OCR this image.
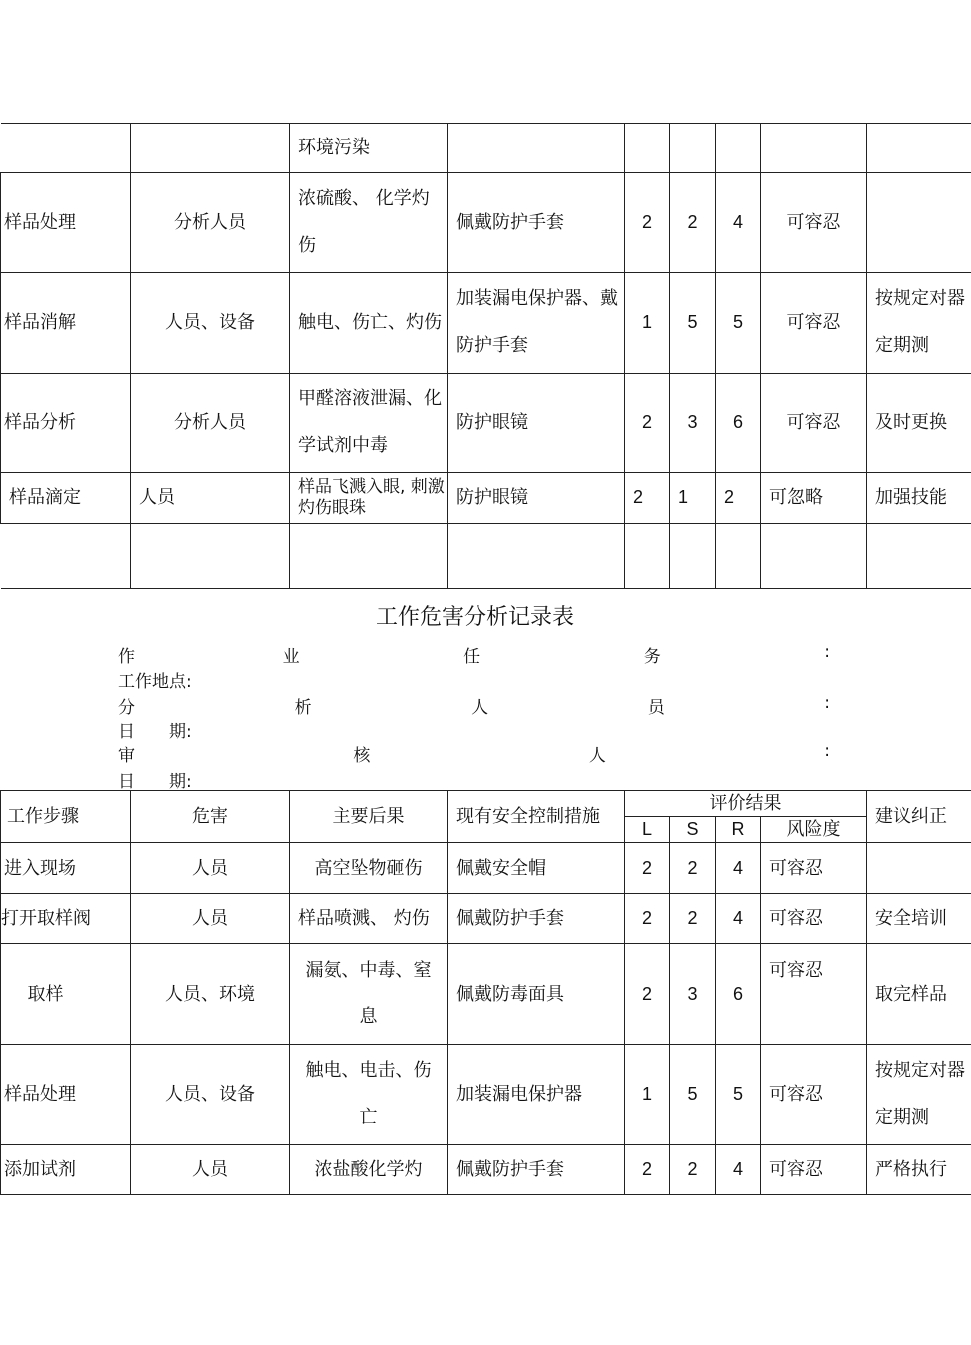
		环境污染						
样品处理	分析人员	浓硫酸、 化学灼伤	佩戴防护手套	2	2	4	可容忍	
样品消解	人员、设备	触电、伤亡、灼伤	加装漏电保护器、戴防护手套	1	5	5	可容忍	按规定对器定期测
样品分析	分析人员	甲醛溶液泄漏、化学试剂中毒	防护眼镜	2	3	6	可容忍	及时更换
样品滴定	人员	样品飞溅入眼, 刺激灼伤眼珠	防护眼镜	2	1	2	可忽略	加强技能

工作危害分析记录表
作	业	任	务	:
工作地点:
分	析	人	员	:
日　　期:
审	核	人	:
日　　期:
工作步骤	危害	主要后果	现有安全控制措施	评价结果				建议纠正
				L	S	R	风险度	
进入现场	人员	高空坠物砸伤	佩戴安全帽	2	2	4	可容忍	
打开取样阀	人员	样品喷溅、 灼伤	佩戴防护手套	2	2	4	可容忍	安全培训
取样	人员、环境	漏氨、中毒、窒息	佩戴防毒面具	2	3	6	可容忍	取完样品
样品处理	人员、设备	触电、电击、伤亡	加装漏电保护器	1	5	5	可容忍	按规定对器定期测
添加试剂	人员	浓盐酸化学灼	佩戴防护手套	2	2	4	可容忍	严格执行
